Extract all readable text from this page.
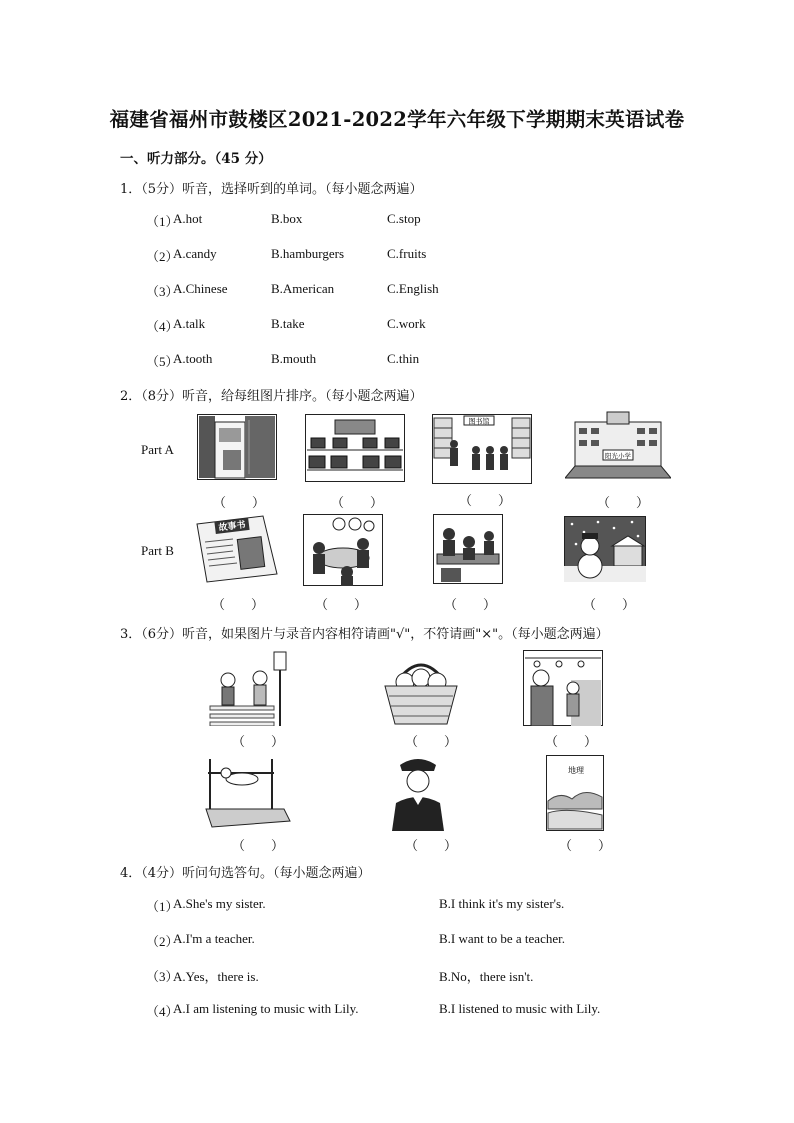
福建省福州市鼓楼区2021-2022学年六年级下学期期末英语试卷
一、听力部分。（45 分）
1．（5分）听音，选择听到的单词。（每小题念两遍）
（1）
A.hot	B.box	C.stop
（2）
A.candy	B.hamburgers	C.fruits
（3）
A.Chinese	B.American	C.English
（4）
A.talk	B.take	C.work
（5）
A.tooth	B.mouth	C.thin
2．（8分）听音，给每组图片排序。（每小题念两遍）
Part A
Part B
图书馆
阳光小学
（　　）	（　　）	（　　）	（　　）
故事书
（　　）	（　　）	（　　）	（　　）
3．（6分）听音，如果图片与录音内容相符请画"√"，不符请画"×"。（每小题念两遍）
（　　）	（　　）	（　　）
地理
（　　）	（　　）	（　　）
4．（4分）听问句选答句。（每小题念两遍）
（1）
A.She's my sister.	B.I think it's my sister's.
（2）
A.I'm a teacher.	B.I want to be a teacher.
（3）
A.Yes，there is.	B.No，there isn't.
（4）
A.I am listening to music with Lily.	B.I listened to music with Lily.
